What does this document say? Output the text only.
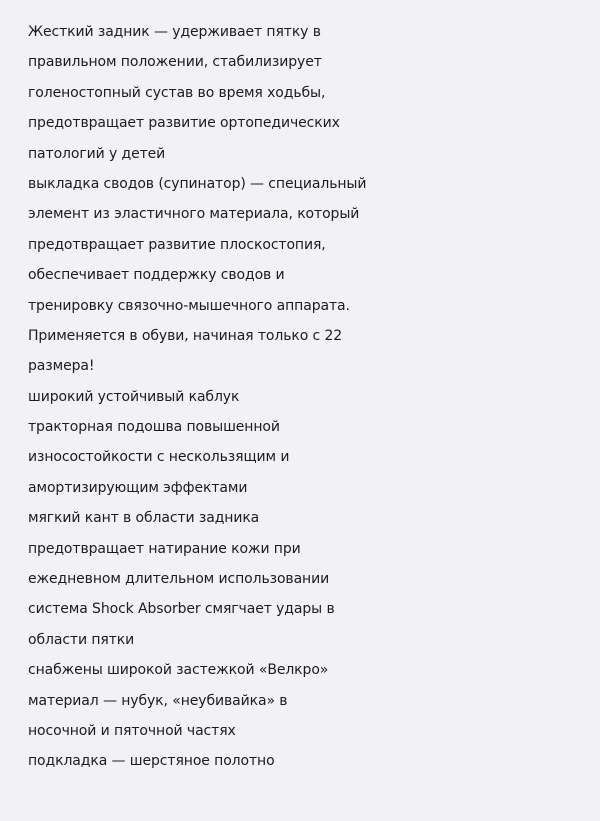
Жесткий задник — удерживает пятку в
правильном положении, стабилизирует
голеностопный сустав во время ходьбы,
предотвращает развитие ортопедических
патологий у детей
выкладка сводов (супинатор) — специальный
элемент из эластичного материала, который
предотвращает развитие плоскостопия,
обеспечивает поддержку сводов и
тренировку связочно-мышечного аппарата.
Применяется в обуви, начиная только с 22
размера!
широкий устойчивый каблук
тракторная подошва повышенной
износостойкости с нескользящим и
амортизирующим эффектами
мягкий кант в области задника
предотвращает натирание кожи при
ежедневном длительном использовании
система Shock Absorber смягчает удары в
области пятки
снабжены широкой застежкой «Велкро»
материал — нубук, «неубивайка» в
носочной и пяточной частях
подкладка — шерстяное полотно
